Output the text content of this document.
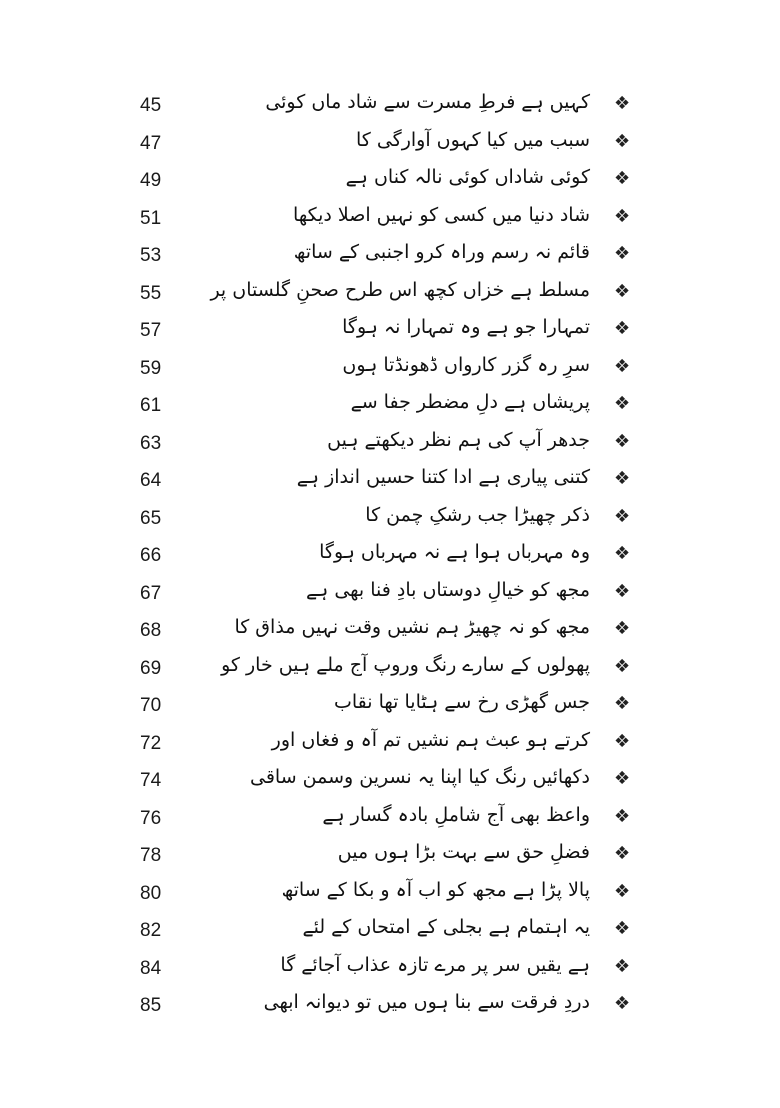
45	کہیں ہے فرطِ مسرت سے شاد ماں کوئی ❖
47	سبب میں کیا کہوں آوارگی کا ❖
49	کوئی شاداں کوئی نالہ کناں ہے ❖
51	شاد دنیا میں کسی کو نہیں اصلا دیکھا ❖
53	قائم نہ رسم وراہ کرو اجنبی کے ساتھ ❖
55	مسلط ہے خزاں کچھ اس طرح صحنِ گلستاں پر ❖
57	تمہارا جو ہے وہ تمہارا نہ ہوگا ❖
59	سرِ رہ گزر کارواں ڈھونڈتا ہوں ❖
61	پریشاں ہے دلِ مضطر جفا سے ❖
63	جدھر آپ کی ہم نظر دیکھتے ہیں ❖
64	کتنی پیاری ہے ادا کتنا حسیں انداز ہے ❖
65	ذکر چھیڑا جب رشکِ چمن کا ❖
66	وہ مہرباں ہوا ہے نہ مہرباں ہوگا ❖
67	مجھ کو خیالِ دوستاں بادِ فنا بھی ہے ❖
68	مجھ کو نہ چھیڑ ہم نشیں وقت نہیں مذاق کا ❖
69	پھولوں کے سارے رنگ وروپ آج ملے ہیں خار کو ❖
70	جس گھڑی رخ سے ہٹایا تھا نقاب ❖
72	کرتے ہو عبث ہم نشیں تم آہ و فغاں اور ❖
74	دکھائیں رنگ کیا اپنا یہ نسرین وسمن ساقی ❖
76	واعظ بھی آج شاملِ بادہ گسار ہے ❖
78	فضلِ حق سے بہت بڑا ہوں میں ❖
80	پالا پڑا ہے مجھ کو اب آہ و بکا کے ساتھ ❖
82	یہ اہتمام ہے بجلی کے امتحاں کے لئے ❖
84	ہے یقیں سر پر مرے تازہ عذاب آجائے گا ❖
85	دردِ فرقت سے بنا ہوں میں تو دیوانہ ابھی ❖
